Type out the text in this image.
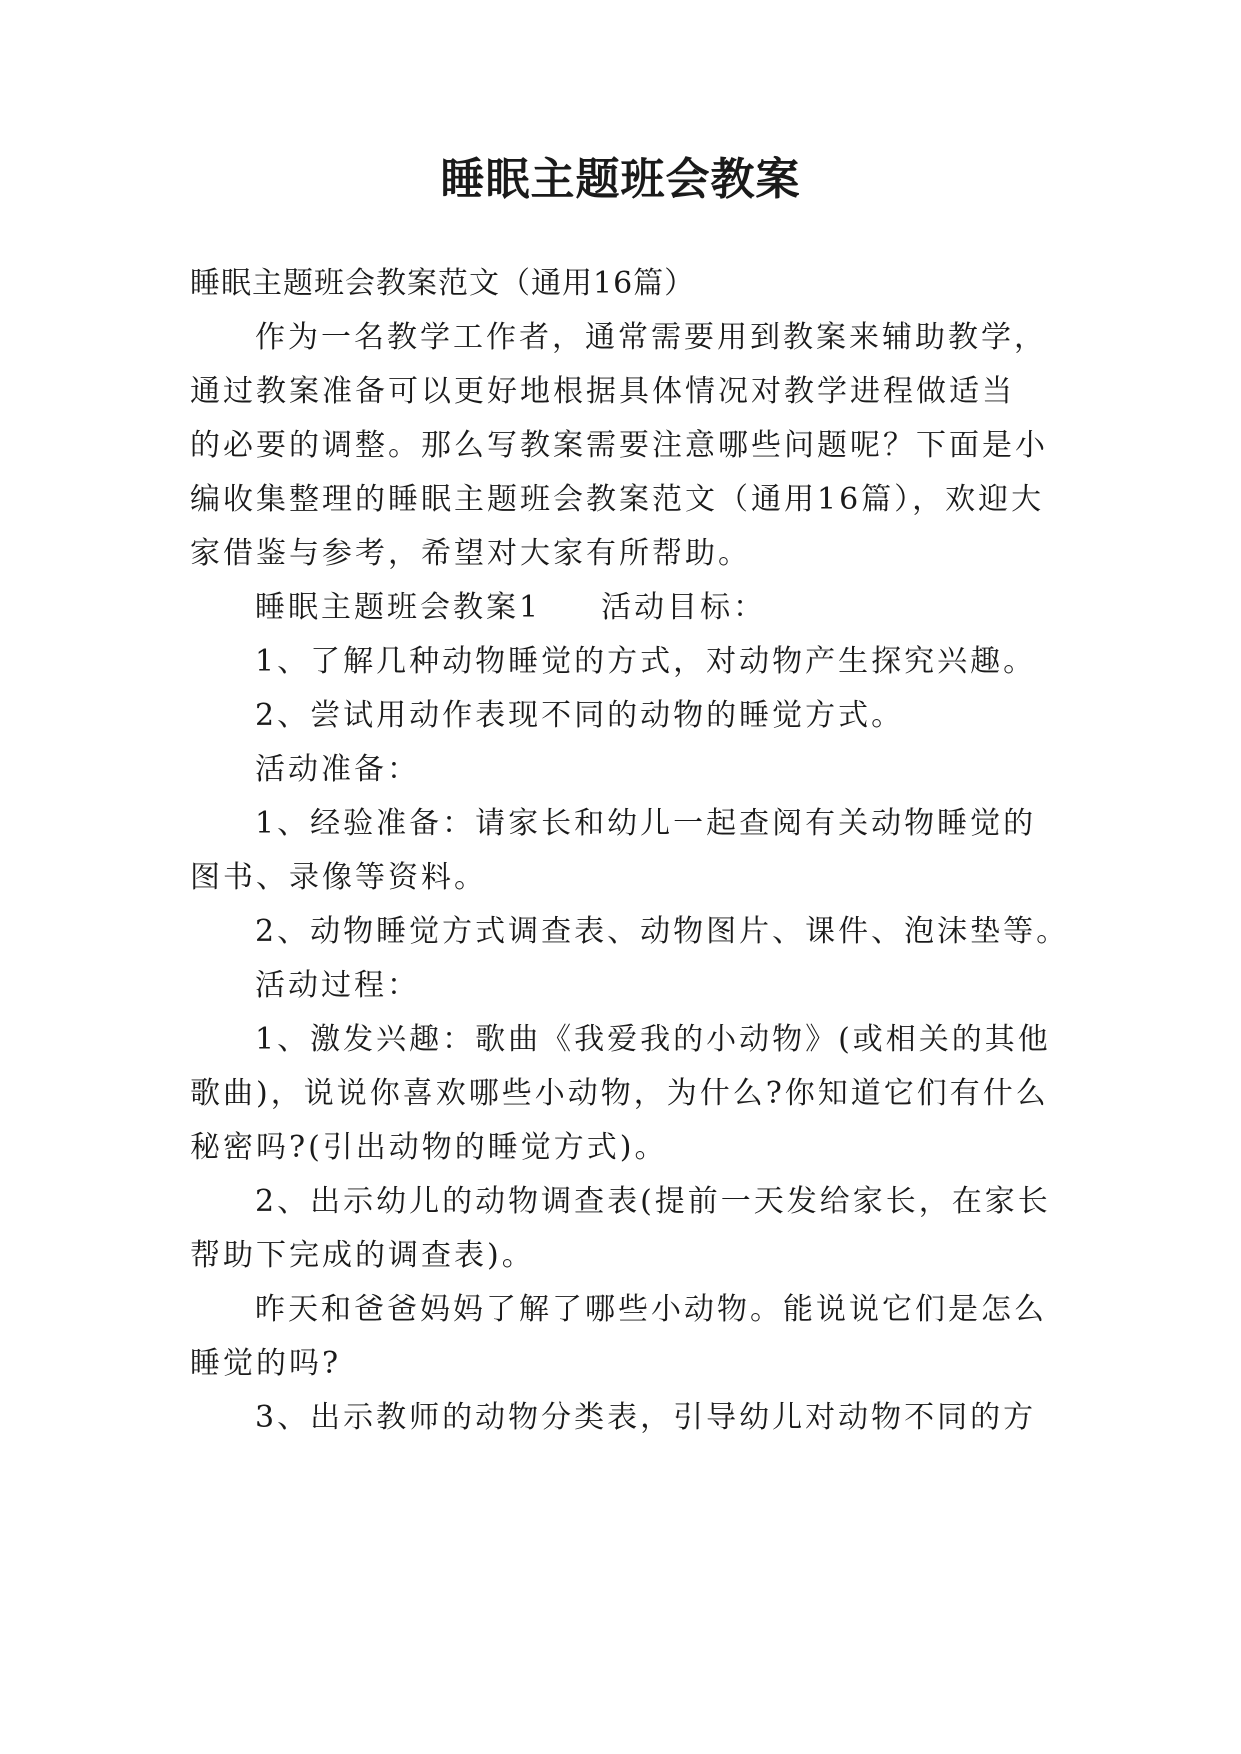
睡眠主题班会教案

睡眠主题班会教案范文（通用16篇）

作为一名教学工作者，通常需要用到教案来辅助教学，

通过教案准备可以更好地根据具体情况对教学进程做适当

的必要的调整。那么写教案需要注意哪些问题呢？下面是小

编收集整理的睡眠主题班会教案范文（通用16篇），欢迎大

家借鉴与参考，希望对大家有所帮助。

睡眠主题班会教案1 活动目标：

1、了解几种动物睡觉的方式，对动物产生探究兴趣。

2、尝试用动作表现不同的动物的睡觉方式。

活动准备：

1、经验准备：请家长和幼儿一起查阅有关动物睡觉的

图书、录像等资料。

2、动物睡觉方式调查表、动物图片、课件、泡沫垫等。

活动过程：

1、激发兴趣：歌曲《我爱我的小动物》(或相关的其他

歌曲)，说说你喜欢哪些小动物，为什么?你知道它们有什么

秘密吗?(引出动物的睡觉方式)。

2、出示幼儿的动物调查表(提前一天发给家长，在家长

帮助下完成的调查表)。

昨天和爸爸妈妈了解了哪些小动物。能说说它们是怎么

睡觉的吗?

3、出示教师的动物分类表，引导幼儿对动物不同的方
